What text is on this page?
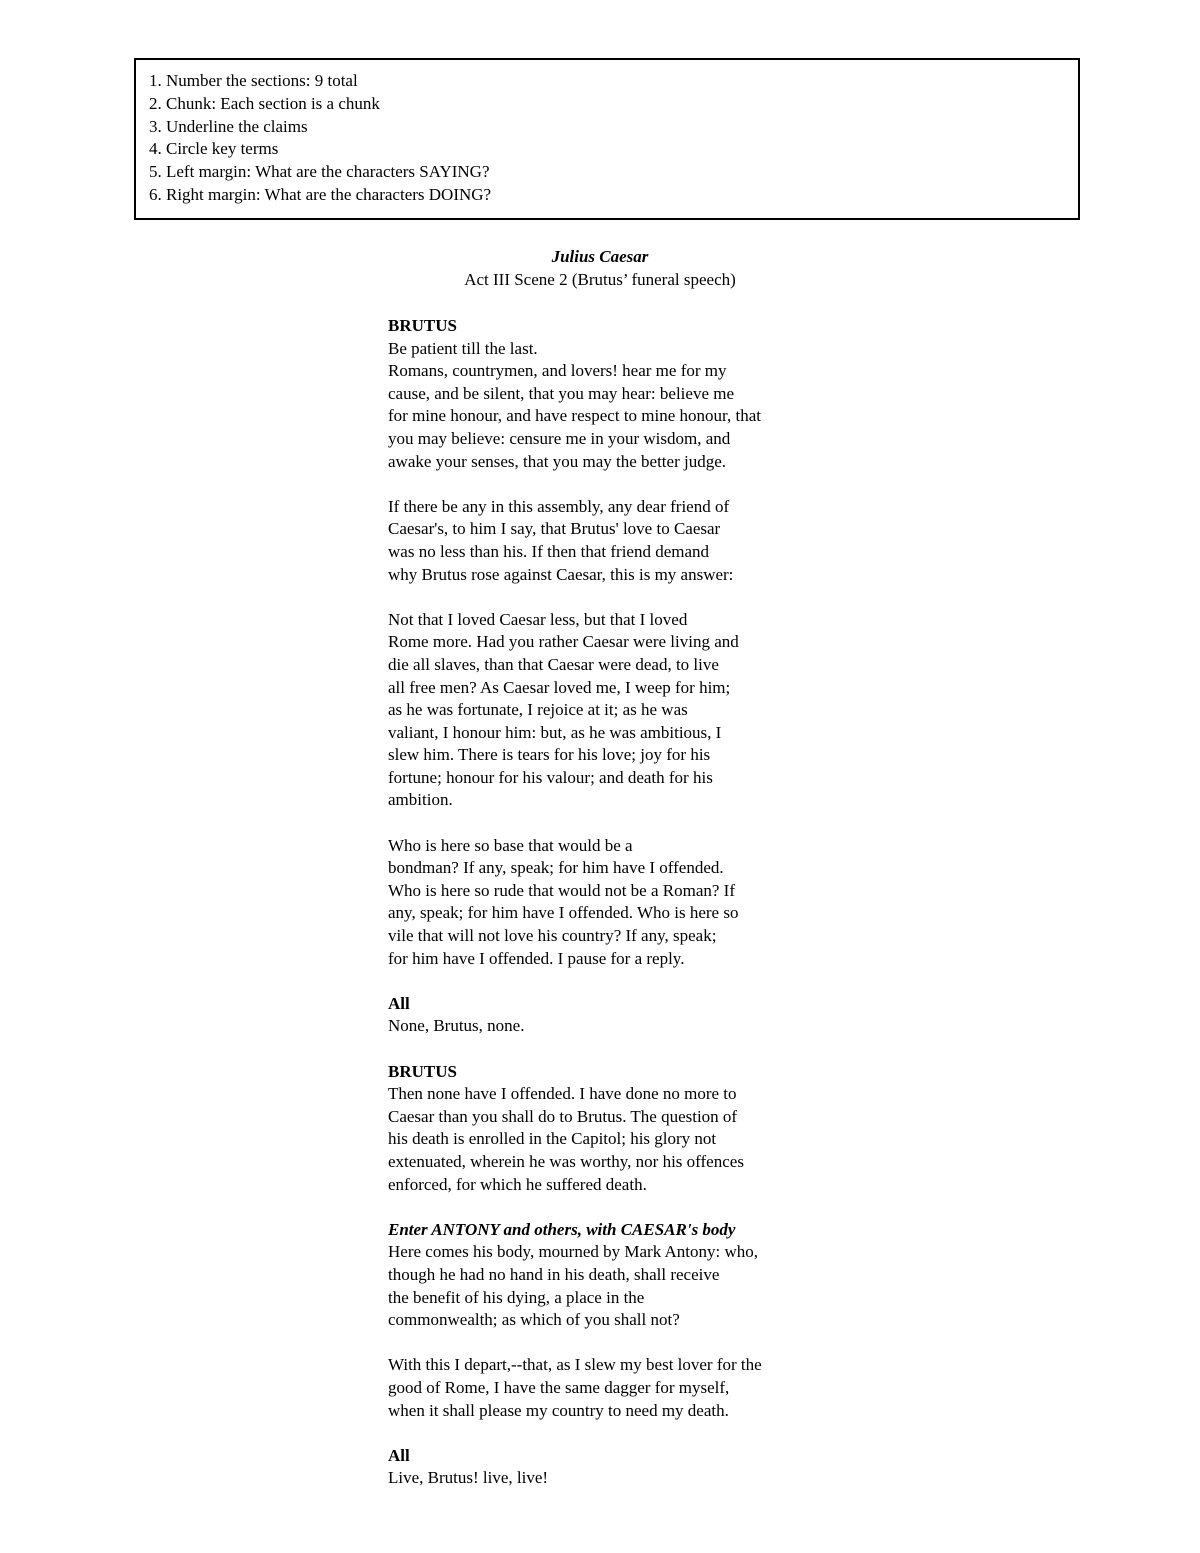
1. Number the sections: 9 total
2. Chunk: Each section is a chunk
3. Underline the claims
4. Circle key terms
5. Left margin: What are the characters SAYING?
6. Right margin: What are the characters DOING?
Julius Caesar
Act III Scene 2 (Brutus’ funeral speech)
BRUTUS
Be patient till the last.
Romans, countrymen, and lovers! hear me for my
cause, and be silent, that you may hear: believe me
for mine honour, and have respect to mine honour, that
you may believe: censure me in your wisdom, and
awake your senses, that you may the better judge.
If there be any in this assembly, any dear friend of
Caesar's, to him I say, that Brutus' love to Caesar
was no less than his. If then that friend demand
why Brutus rose against Caesar, this is my answer:
Not that I loved Caesar less, but that I loved
Rome more. Had you rather Caesar were living and
die all slaves, than that Caesar were dead, to live
all free men? As Caesar loved me, I weep for him;
as he was fortunate, I rejoice at it; as he was
valiant, I honour him: but, as he was ambitious, I
slew him. There is tears for his love; joy for his
fortune; honour for his valour; and death for his
ambition.
Who is here so base that would be a
bondman? If any, speak; for him have I offended.
Who is here so rude that would not be a Roman? If
any, speak; for him have I offended. Who is here so
vile that will not love his country? If any, speak;
for him have I offended. I pause for a reply.
All
None, Brutus, none.
BRUTUS
Then none have I offended. I have done no more to
Caesar than you shall do to Brutus. The question of
his death is enrolled in the Capitol; his glory not
extenuated, wherein he was worthy, nor his offences
enforced, for which he suffered death.
Enter ANTONY and others, with CAESAR's body
Here comes his body, mourned by Mark Antony: who,
though he had no hand in his death, shall receive
the benefit of his dying, a place in the
commonwealth; as which of you shall not?
With this I depart,--that, as I slew my best lover for the
good of Rome, I have the same dagger for myself,
when it shall please my country to need my death.
All
Live, Brutus! live, live!
